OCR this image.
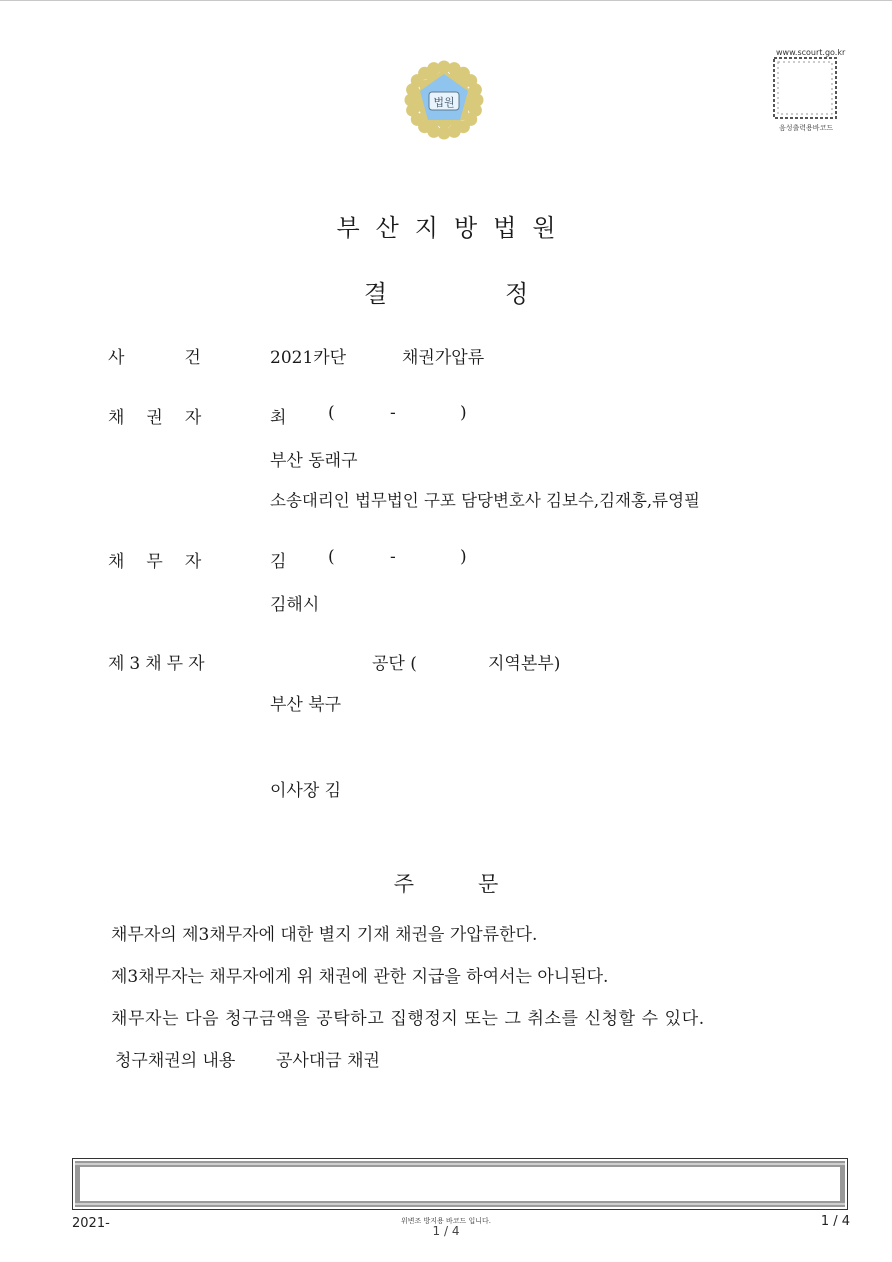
법원
www.scourt.go.kr
음성출력용바코드
부산지방법원
결	정
사건 2021카단	채권가압류
채권자	최 (	-	)
부산 동래구
소송대리인 법무법인 구포 담당변호사 김보수,김재홍,류영필
채무자	김 (	-	)
김해시
제3채무자	공단 (	지역본부)
부산 북구
이사장 김
주	문
채무자의 제3채무자에 대한 별지 기재 채권을 가압류한다.
제3채무자는 채무자에게 위 채권에 관한 지급을 하여서는 아니된다.
채무자는 다음 청구금액을 공탁하고 집행정지 또는 그 취소를 신청할 수 있다.
청구채권의 내용 공사대금 채권
2021-	위변조 방지용 바코드 입니다.
1 / 4
1 / 4
